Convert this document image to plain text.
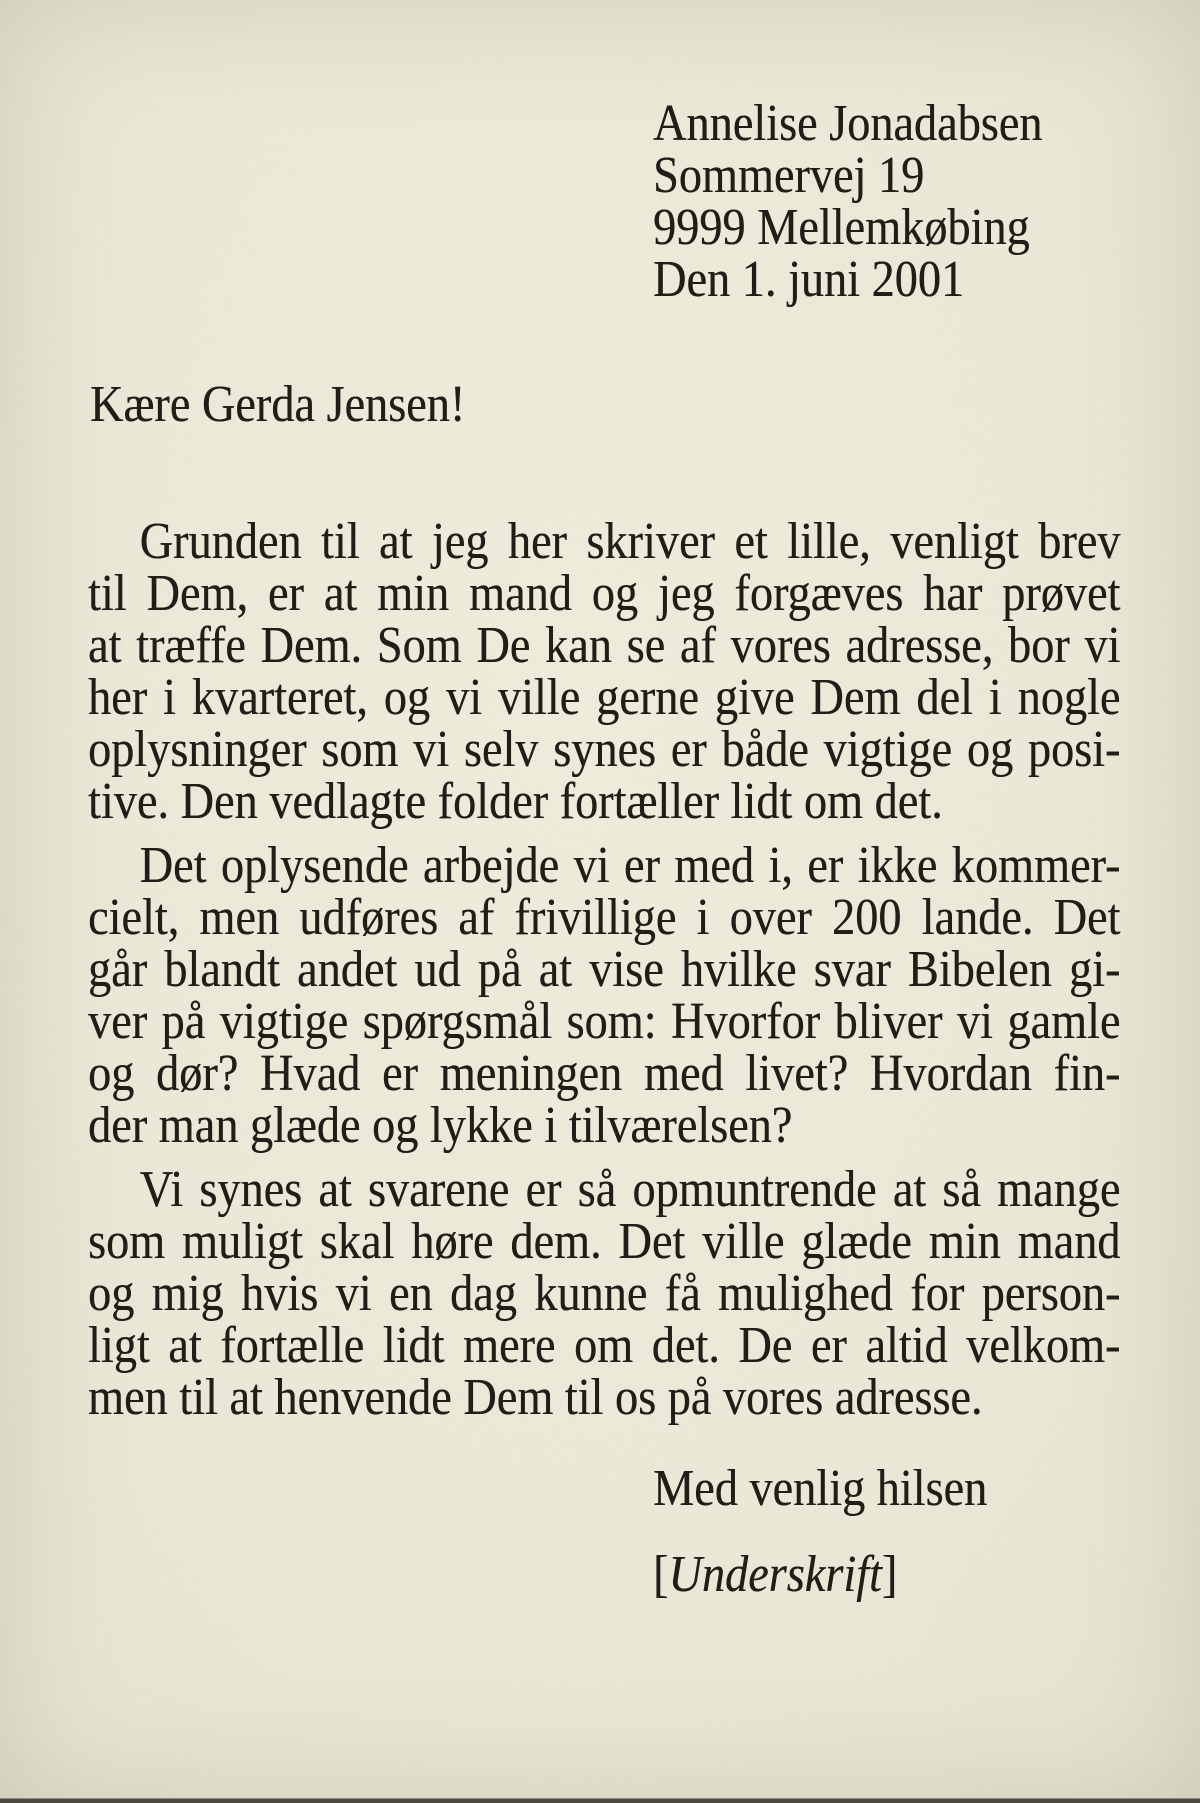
Annelise Jonadabsen
Sommervej 19
9999 Mellemkøbing
Den 1. juni 2001
Kære Gerda Jensen!
Grunden til at jeg her skriver et lille, venligt brev
til Dem, er at min mand og jeg forgæves har prøvet
at træffe Dem. Som De kan se af vores adresse, bor vi
her i kvarteret, og vi ville gerne give Dem del i nogle
oplysninger som vi selv synes er både vigtige og posi-
tive. Den vedlagte folder fortæller lidt om det.
Det oplysende arbejde vi er med i, er ikke kommer-
cielt, men udføres af frivillige i over 200 lande. Det
går blandt andet ud på at vise hvilke svar Bibelen gi-
ver på vigtige spørgsmål som: Hvorfor bliver vi gamle
og dør? Hvad er meningen med livet? Hvordan fin-
der man glæde og lykke i tilværelsen?
Vi synes at svarene er så opmuntrende at så mange
som muligt skal høre dem. Det ville glæde min mand
og mig hvis vi en dag kunne få mulighed for person-
ligt at fortælle lidt mere om det. De er altid velkom-
men til at henvende Dem til os på vores adresse.
Med venlig hilsen
[Underskrift]
